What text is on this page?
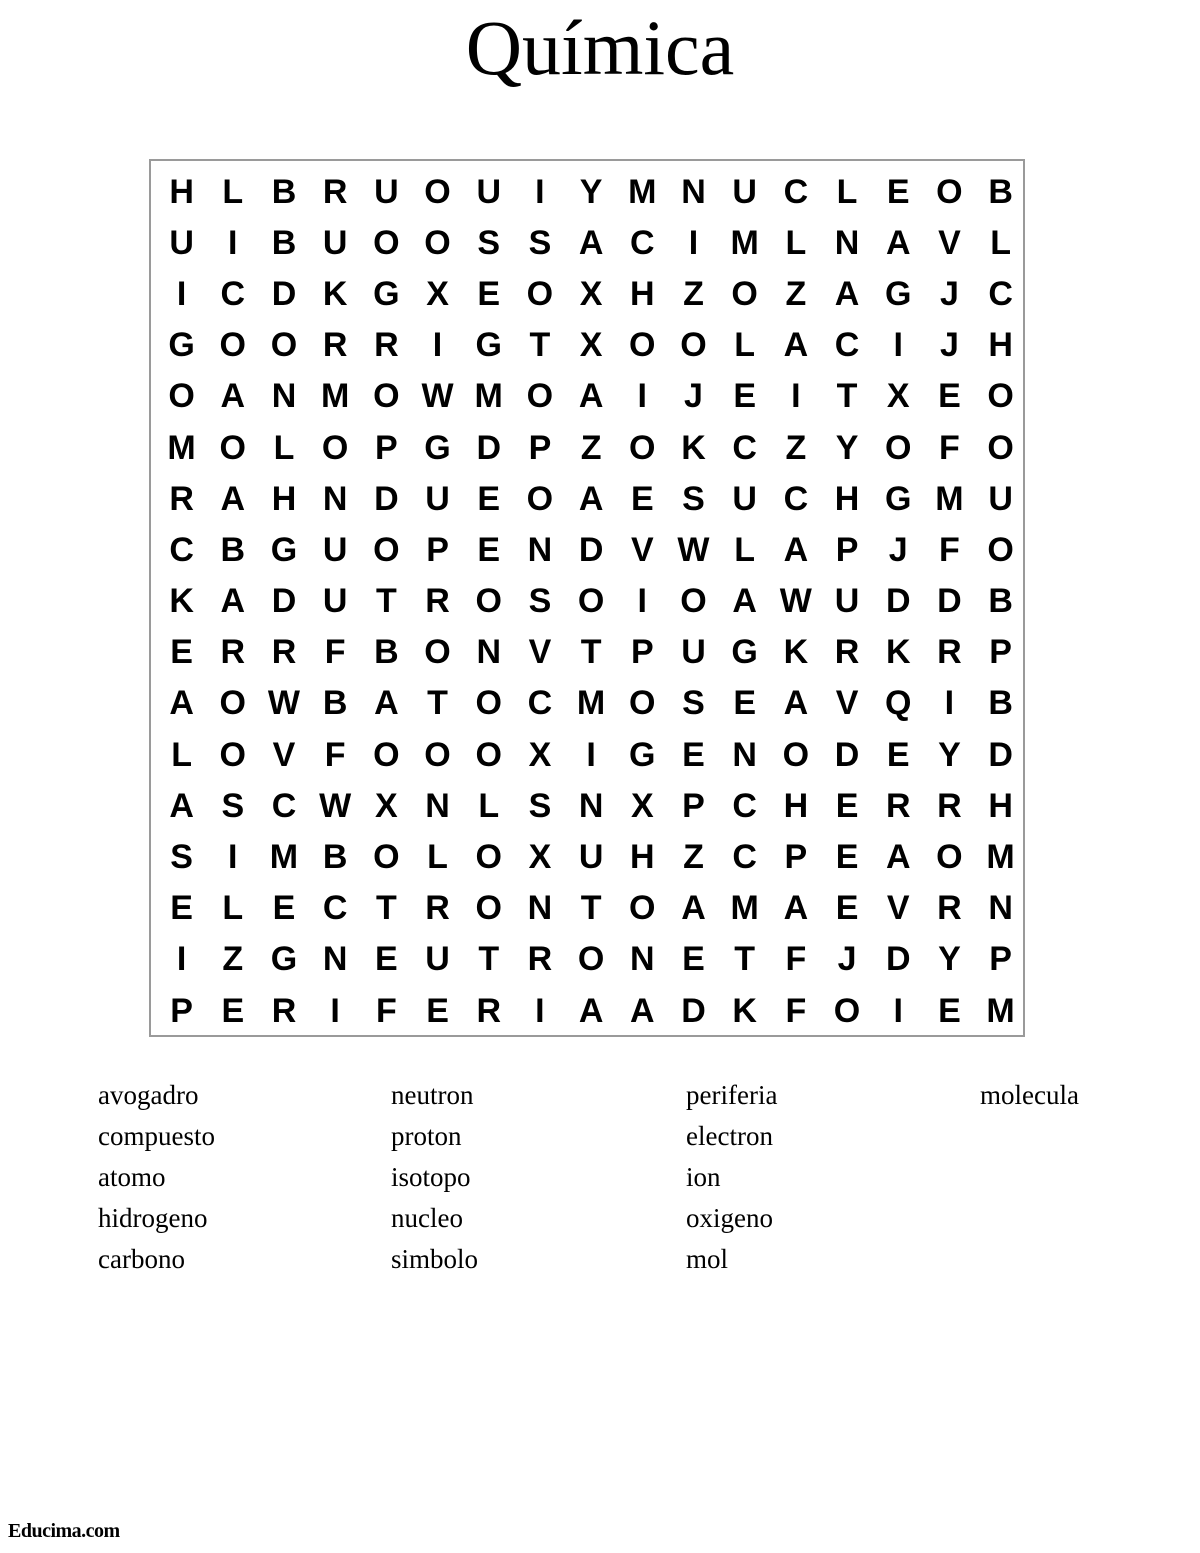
Química
H L B R U O U	I	Y M N U C L E O B
U	I	B U O O S S A C	I M L N A V L
I	C D K G X E O X H Z O Z A G J C
G O O R R	I G T X O O L A C	I	J H
O A N M O W M O A	I	J E	I	T X E O
M O L O P G D P Z O K C Z Y O F O
R A H N D U E O A E S U C H G M U
C B G U O P E N D V W L A P J F O
K A D U T R O S O I O A W U D D B
E R R F B O N V T P U G K R K R P
A O W B A T O C M O S E A V Q I	B
L O V F O O O X	I G E N O D E Y D
A S C W X N L S N X P C H E R R H
S	I M B O L O X U H Z C P E A O M
E L E C T R O N T O A M A E V R N
I	Z G N E U T R O N E T F J D Y P
P E R	I	F E R	I	A A D K F O I	E M
avogadro
compuesto
atomo
hidrogeno
carbono
neutron
proton
isotopo
nucleo
simbolo
periferia
electron
ion
oxigeno
mol
molecula
Educima.com
